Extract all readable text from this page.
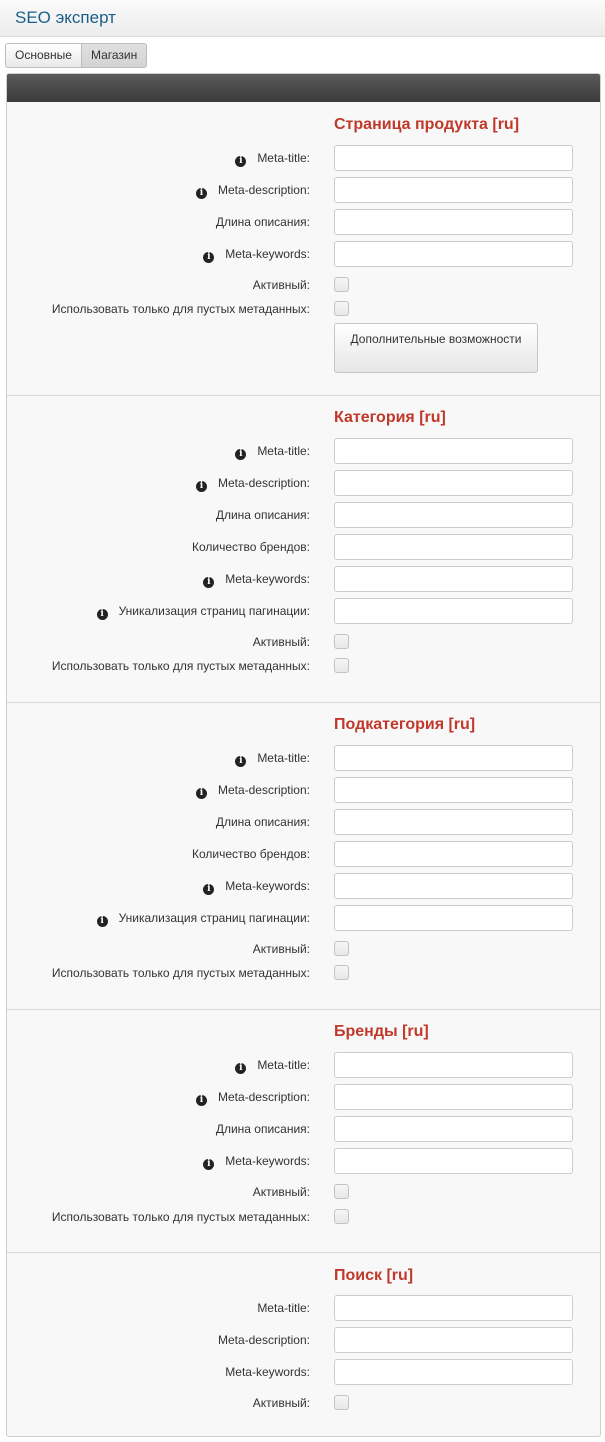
SEO эксперт
Основные	Магазин
Страница продукта [ru]
i Meta-title:
i Meta-description:
Длина описания:
i Meta-keywords:
Активный:
Использовать только для пустых метаданных:
Дополнительные возможности
Категория [ru]
i Meta-title:
i Meta-description:
Длина описания:
Количество брендов:
i Meta-keywords:
i Уникализация страниц пагинации:
Активный:
Использовать только для пустых метаданных:
Подкатегория [ru]
i Meta-title:
i Meta-description:
Длина описания:
Количество брендов:
i Meta-keywords:
i Уникализация страниц пагинации:
Активный:
Использовать только для пустых метаданных:
Бренды [ru]
i Meta-title:
i Meta-description:
Длина описания:
i Meta-keywords:
Активный:
Использовать только для пустых метаданных:
Поиск [ru]
Meta-title:
Meta-description:
Meta-keywords:
Активный:
